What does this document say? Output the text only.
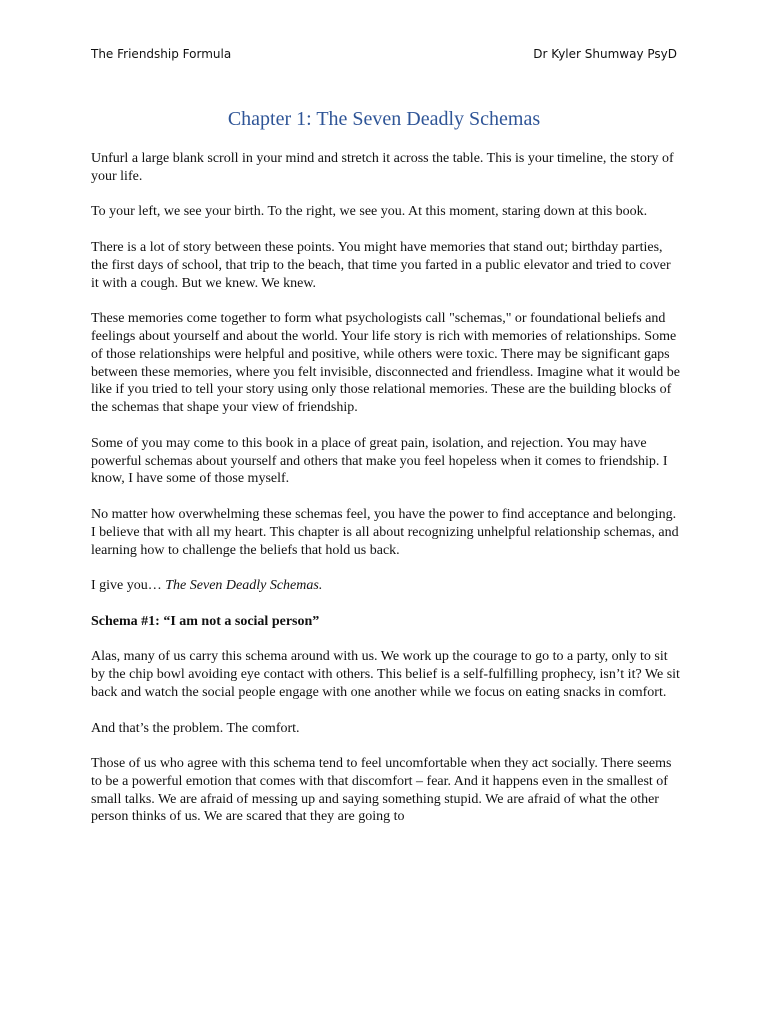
The Friendship Formula	Dr Kyler Shumway PsyD
Chapter 1: The Seven Deadly Schemas

Unfurl a large blank scroll in your mind and stretch it across the table. This is your timeline, the story of your life.

To your left, we see your birth. To the right, we see you. At this moment, staring down at this book.

There is a lot of story between these points. You might have memories that stand out; birthday parties, the first days of school, that trip to the beach, that time you farted in a public elevator and tried to cover it with a cough. But we knew. We knew.

These memories come together to form what psychologists call "schemas," or foundational beliefs and feelings about yourself and about the world. Your life story is rich with memories of relationships. Some of those relationships were helpful and positive, while others were toxic. There may be significant gaps between these memories, where you felt invisible, disconnected and friendless. Imagine what it would be like if you tried to tell your story using only those relational memories. These are the building blocks of the schemas that shape your view of friendship.

Some of you may come to this book in a place of great pain, isolation, and rejection. You may have powerful schemas about yourself and others that make you feel hopeless when it comes to friendship. I know, I have some of those myself.

No matter how overwhelming these schemas feel, you have the power to find acceptance and belonging. I believe that with all my heart. This chapter is all about recognizing unhelpful relationship schemas, and learning how to challenge the beliefs that hold us back.

I give you… The Seven Deadly Schemas.

Schema #1: “I am not a social person”

Alas, many of us carry this schema around with us. We work up the courage to go to a party, only to sit by the chip bowl avoiding eye contact with others. This belief is a self-fulfilling prophecy, isn’t it? We sit back and watch the social people engage with one another while we focus on eating snacks in comfort.

And that’s the problem. The comfort.

Those of us who agree with this schema tend to feel uncomfortable when they act socially. There seems to be a powerful emotion that comes with that discomfort – fear. And it happens even in the smallest of small talks. We are afraid of messing up and saying something stupid. We are afraid of what the other person thinks of us. We are scared that they are going to
